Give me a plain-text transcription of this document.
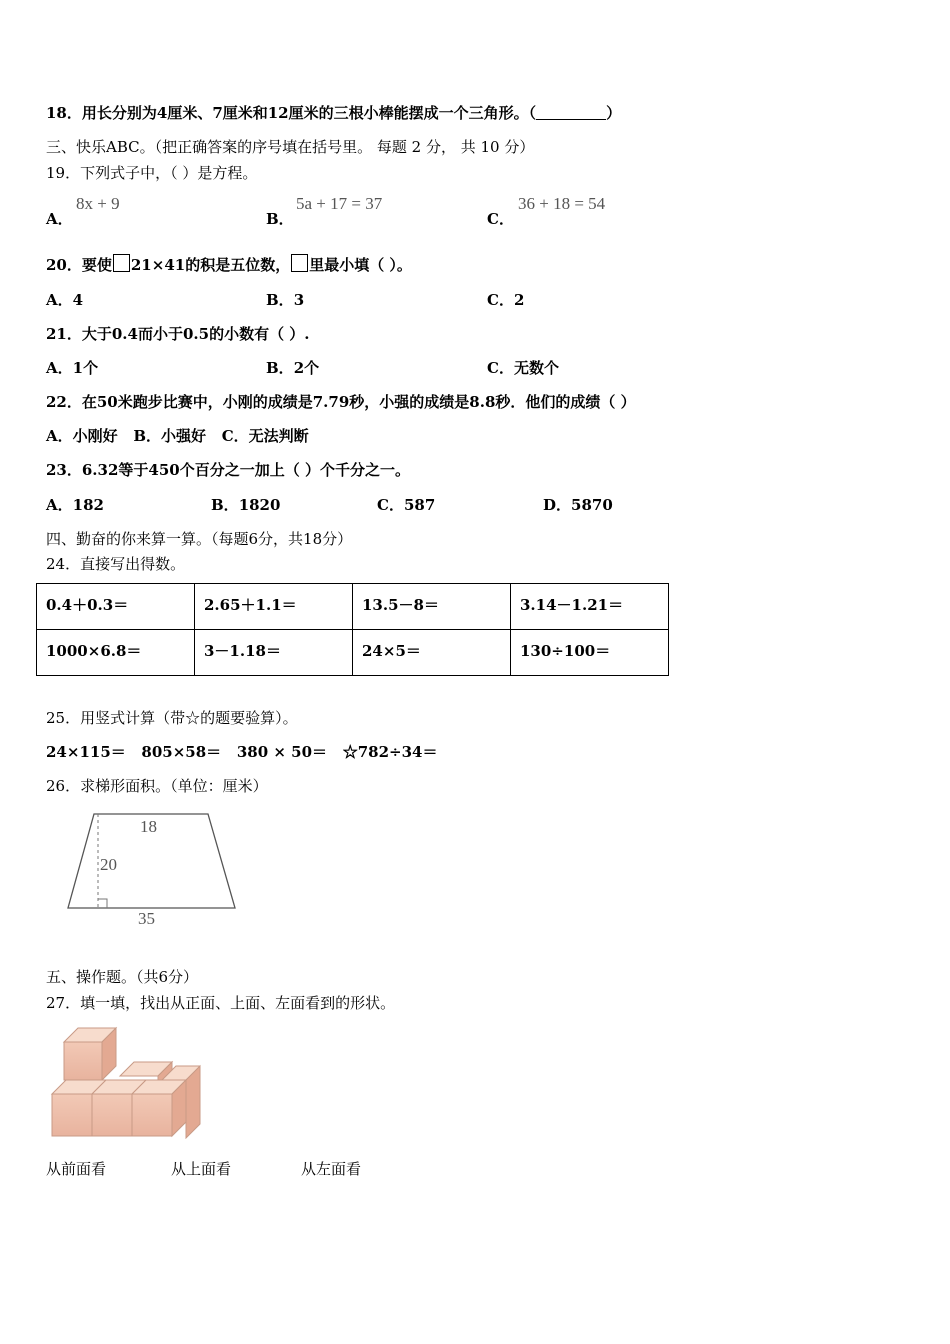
18．用长分别为4厘米、7厘米和12厘米的三根小棒能摆成一个三角形。（	）
三、快乐ABC。（把正确答案的序号填在括号里。 每题 2 分， 共 10 分）
19．下列式子中，（ ）是方程。
A．
8x + 9
B．
5a + 17 = 37
C．
36 + 18 = 54
20．要使 21×41的积是五位数， 里最小填（ ）。
A．4	B．3	C．2
21．大于0.4而小于0.5的小数有（ ）.
A．1个	B．2个	C．无数个
22．在50米跑步比赛中，小刚的成绩是7.79秒，小强的成绩是8.8秒．他们的成绩（ ）
A．小刚好 B．小强好 C．无法判断
23．6.32等于450个百分之一加上（ ）个千分之一。
A．182	B．1820	C．587	D．5870
四、勤奋的你来算一算。（每题6分，共18分）
24．直接写出得数。
0.4＋0.3＝	2.65＋1.1＝	13.5－8＝	3.14－1.21＝
1000×6.8＝	3－1.18＝	24×5＝	130÷100＝
25．用竖式计算（带☆的题要验算）。
24×115＝   805×58＝   380 × 50＝   ☆782÷34＝
26．求梯形面积。（单位：厘米）
18
20
35
五、操作题。（共6分）
27．填一填，找出从正面、上面、左面看到的形状。
从前面看	从上面看	从左面看
